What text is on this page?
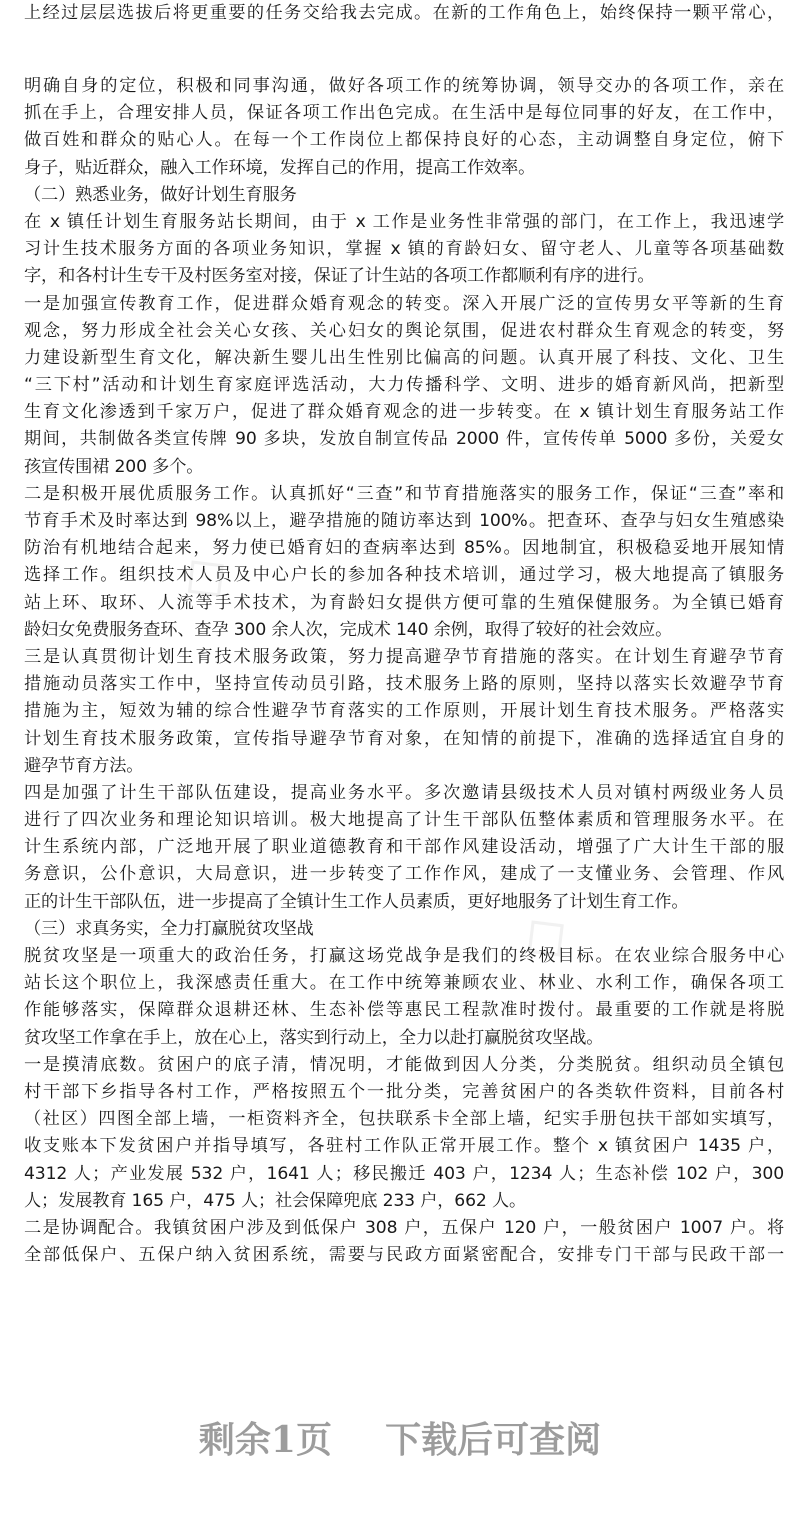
◇
◇
上经过层层选拔后将更重要的任务交给我去完成。在新的工作角色上，始终保持一颗平常心，
明确自身的定位，积极和同事沟通，做好各项工作的统筹协调，领导交办的各项工作，亲在
抓在手上，合理安排人员，保证各项工作出色完成。在生活中是每位同事的好友，在工作中，
做百姓和群众的贴心人。在每一个工作岗位上都保持良好的心态，主动调整自身定位，俯下
身子，贴近群众，融入工作环境，发挥自己的作用，提高工作效率。
（二）熟悉业务，做好计划生育服务
在 x 镇任计划生育服务站长期间，由于 x 工作是业务性非常强的部门，在工作上，我迅速学
习计生技术服务方面的各项业务知识，掌握 x 镇的育龄妇女、留守老人、儿童等各项基础数
字，和各村计生专干及村医务室对接，保证了计生站的各项工作都顺利有序的进行。
一是加强宣传教育工作，促进群众婚育观念的转变。深入开展广泛的宣传男女平等新的生育
观念，努力形成全社会关心女孩、关心妇女的舆论氛围，促进农村群众生育观念的转变，努
力建设新型生育文化，解决新生婴儿出生性别比偏高的问题。认真开展了科技、文化、卫生
“三下村”活动和计划生育家庭评选活动，大力传播科学、文明、进步的婚育新风尚，把新型
生育文化渗透到千家万户，促进了群众婚育观念的进一步转变。在 x 镇计划生育服务站工作
期间，共制做各类宣传牌 90 多块，发放自制宣传品 2000 件，宣传传单 5000 多份，关爱女
孩宣传围裙 200 多个。
二是积极开展优质服务工作。认真抓好“三查”和节育措施落实的服务工作，保证“三查”率和
节育手术及时率达到 98%以上，避孕措施的随访率达到 100%。把查环、查孕与妇女生殖感染
防治有机地结合起来，努力使已婚育妇的查病率达到 85%。因地制宜，积极稳妥地开展知情
选择工作。组织技术人员及中心户长的参加各种技术培训，通过学习，极大地提高了镇服务
站上环、取环、人流等手术技术，为育龄妇女提供方便可靠的生殖保健服务。为全镇已婚育
龄妇女免费服务查环、查孕 300 余人次，完成术 140 余例，取得了较好的社会效应。
三是认真贯彻计划生育技术服务政策，努力提高避孕节育措施的落实。在计划生育避孕节育
措施动员落实工作中，坚持宣传动员引路，技术服务上路的原则，坚持以落实长效避孕节育
措施为主，短效为辅的综合性避孕节育落实的工作原则，开展计划生育技术服务。严格落实
计划生育技术服务政策，宣传指导避孕节育对象，在知情的前提下，准确的选择适宜自身的
避孕节育方法。
四是加强了计生干部队伍建设，提高业务水平。多次邀请县级技术人员对镇村两级业务人员
进行了四次业务和理论知识培训。极大地提高了计生干部队伍整体素质和管理服务水平。在
计生系统内部，广泛地开展了职业道德教育和干部作风建设活动，增强了广大计生干部的服
务意识，公仆意识，大局意识，进一步转变了工作作风，建成了一支懂业务、会管理、作风
正的计生干部队伍，进一步提高了全镇计生工作人员素质，更好地服务了计划生育工作。
（三）求真务实，全力打赢脱贫攻坚战
脱贫攻坚是一项重大的政治任务，打赢这场党战争是我们的终极目标。在农业综合服务中心
站长这个职位上，我深感责任重大。在工作中统筹兼顾农业、林业、水利工作，确保各项工
作能够落实，保障群众退耕还林、生态补偿等惠民工程款准时拨付。最重要的工作就是将脱
贫攻坚工作拿在手上，放在心上，落实到行动上，全力以赴打赢脱贫攻坚战。
一是摸清底数。贫困户的底子清，情况明，才能做到因人分类，分类脱贫。组织动员全镇包
村干部下乡指导各村工作，严格按照五个一批分类，完善贫困户的各类软件资料，目前各村
（社区）四图全部上墙，一柜资料齐全，包扶联系卡全部上墙，纪实手册包扶干部如实填写，
收支账本下发贫困户并指导填写，各驻村工作队正常开展工作。整个 x 镇贫困户 1435 户，
4312 人；产业发展 532 户，1641 人；移民搬迁 403 户，1234 人；生态补偿 102 户，300
人；发展教育 165 户，475 人；社会保障兜底 233 户，662 人。
二是协调配合。我镇贫困户涉及到低保户 308 户，五保户 120 户，一般贫困户 1007 户。将
全部低保户、五保户纳入贫困系统，需要与民政方面紧密配合，安排专门干部与民政干部一
剩余1页 下载后可查阅
